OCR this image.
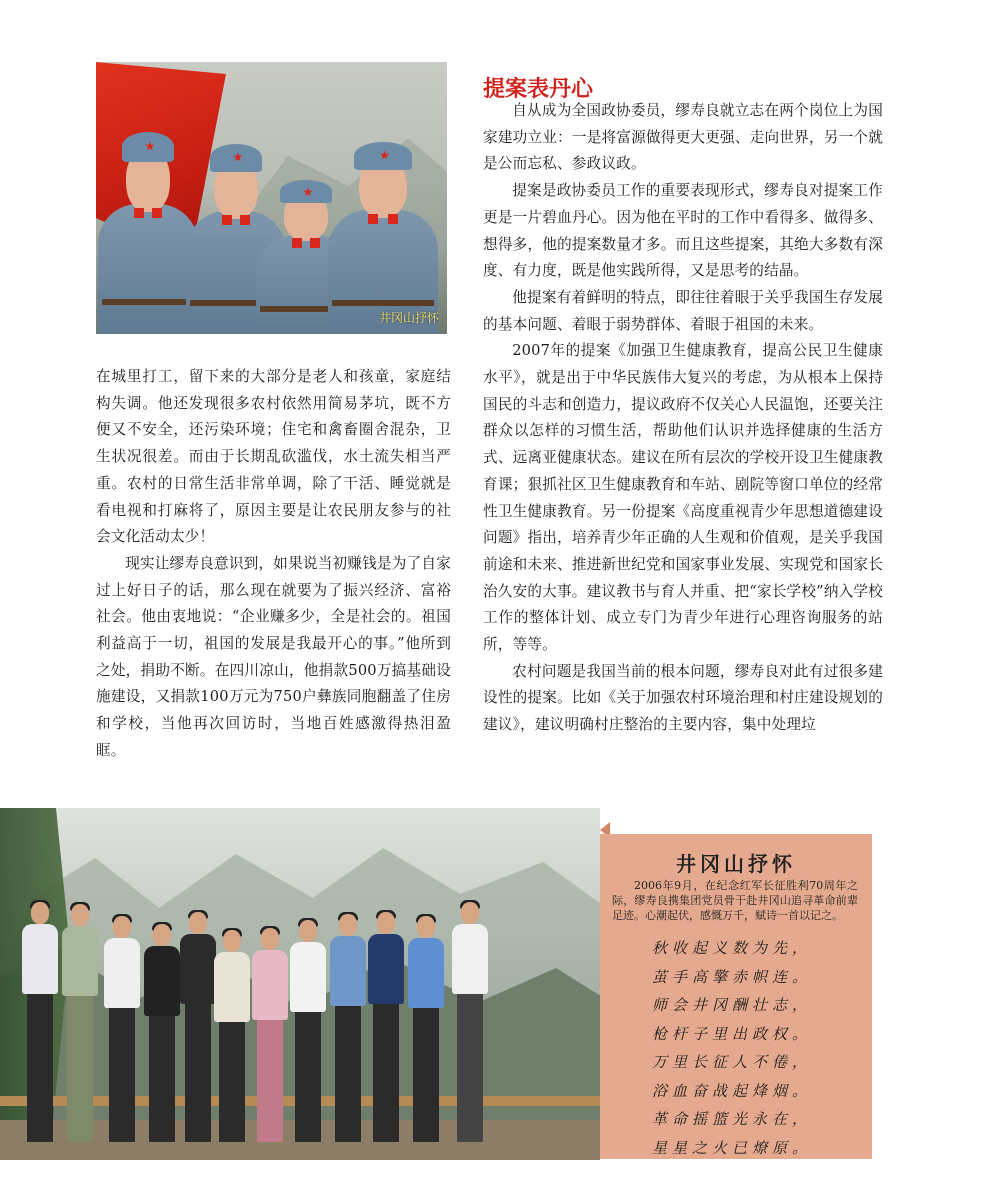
井冈山抒怀
提案表丹心

自从成为全国政协委员，缪寿良就立志在两个岗位上为国家建功立业：一是将富源做得更大更强、走向世界，另一个就是公而忘私、参政议政。

提案是政协委员工作的重要表现形式，缪寿良对提案工作更是一片碧血丹心。因为他在平时的工作中看得多、做得多、想得多，他的提案数量才多。而且这些提案，其绝大多数有深度、有力度，既是他实践所得，又是思考的结晶。

他提案有着鲜明的特点，即往往着眼于关乎我国生存发展的基本问题、着眼于弱势群体、着眼于祖国的未来。

2007年的提案《加强卫生健康教育，提高公民卫生健康水平》，就是出于中华民族伟大复兴的考虑，为从根本上保持国民的斗志和创造力，提议政府不仅关心人民温饱，还要关注群众以怎样的习惯生活，帮助他们认识并选择健康的生活方式、远离亚健康状态。建议在所有层次的学校开设卫生健康教育课；狠抓社区卫生健康教育和车站、剧院等窗口单位的经常性卫生健康教育。另一份提案《高度重视青少年思想道德建设问题》指出，培养青少年正确的人生观和价值观，是关乎我国前途和未来、推进新世纪党和国家事业发展、实现党和国家长治久安的大事。建议教书与育人并重、把“家长学校”纳入学校工作的整体计划、成立专门为青少年进行心理咨询服务的站所，等等。

农村问题是我国当前的根本问题，缪寿良对此有过很多建设性的提案。比如《关于加强农村环境治理和村庄建设规划的建议》，建议明确村庄整治的主要内容，集中处理垃

在城里打工，留下来的大部分是老人和孩童，家庭结构失调。他还发现很多农村依然用简易茅坑，既不方便又不安全，还污染环境；住宅和禽畜圈舍混杂，卫生状况很差。而由于长期乱砍滥伐，水土流失相当严重。农村的日常生活非常单调，除了干活、睡觉就是看电视和打麻将了，原因主要是让农民朋友参与的社会文化活动太少！

现实让缪寿良意识到，如果说当初赚钱是为了自家过上好日子的话，那么现在就要为了振兴经济、富裕社会。他由衷地说：“企业赚多少，全是社会的。祖国利益高于一切，祖国的发展是我最开心的事。”他所到之处，捐助不断。在四川凉山，他捐款500万搞基础设施建设，又捐款100万元为750户彝族同胞翻盖了住房和学校，当他再次回访时，当地百姓感激得热泪盈眶。

井冈山抒怀

2006年9月，在纪念红军长征胜利70周年之际，缪寿良携集团党员骨干赴井冈山追寻革命前辈足迹。心潮起伏，感慨万千，赋诗一首以记之。

秋收起义数为先，
茧手高擎赤帜连。
师会井冈酬壮志，
枪杆子里出政权。
万里长征人不倦，
浴血奋战起烽烟。
革命摇篮光永在，
星星之火已燎原。
